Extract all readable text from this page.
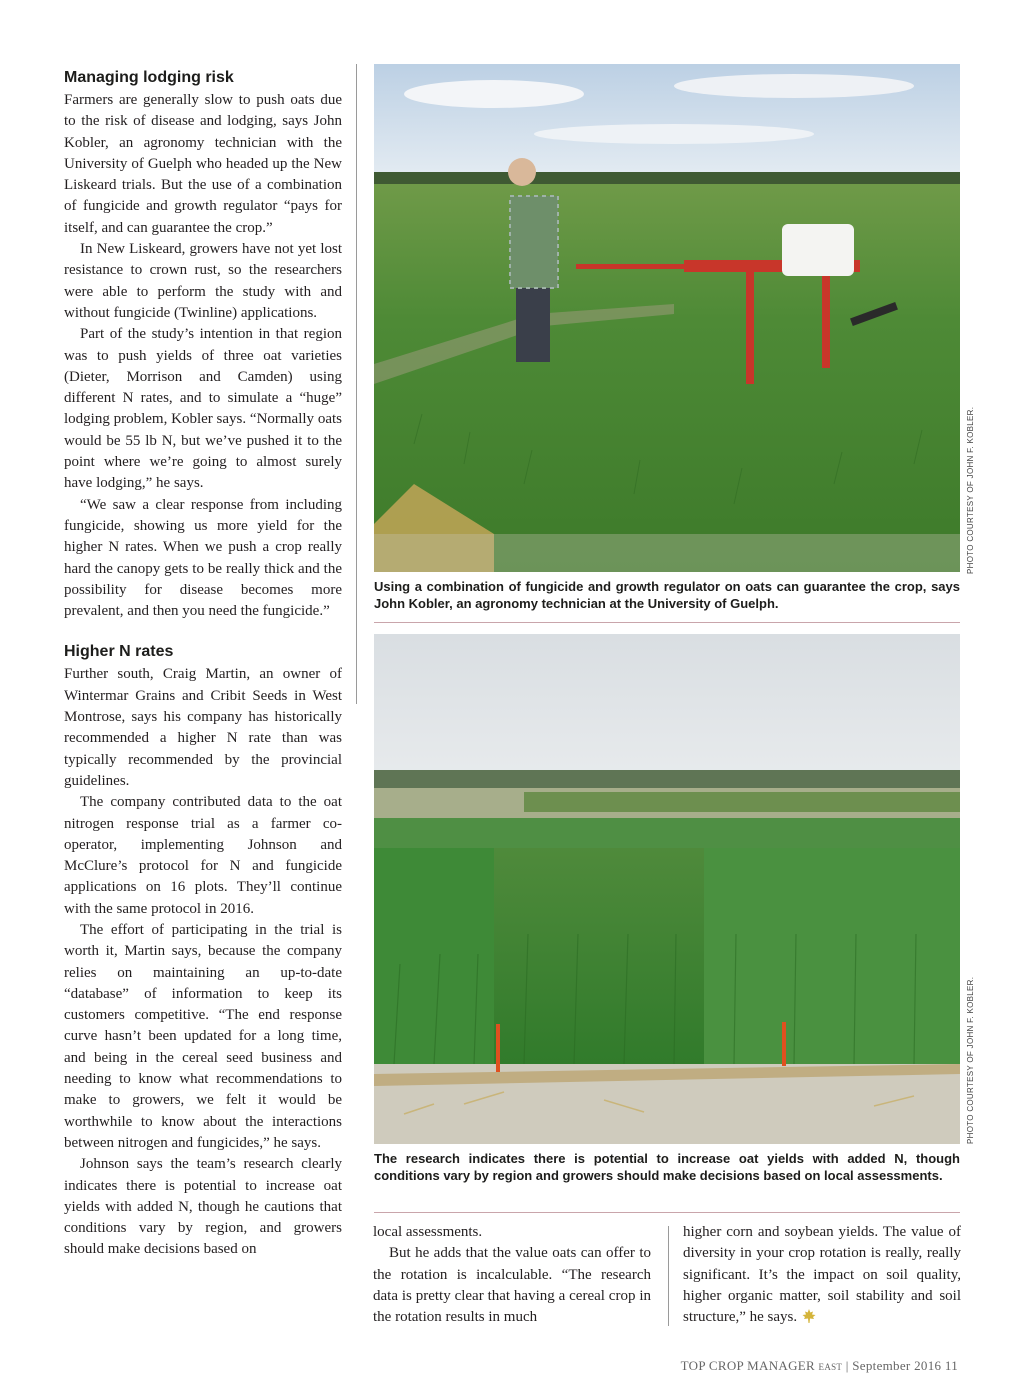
Managing lodging risk

Farmers are generally slow to push oats due to the risk of disease and lodging, says John Kobler, an agronomy technician with the University of Guelph who headed up the New Liskeard trials. But the use of a combination of fungicide and growth regulator “pays for itself, and can guarantee the crop.”

In New Liskeard, growers have not yet lost resistance to crown rust, so the researchers were able to perform the study with and without fungicide (Twinline) applications.

Part of the study’s intention in that region was to push yields of three oat varieties (Dieter, Morrison and Camden) using different N rates, and to simulate a “huge” lodging problem, Kobler says. “Normally oats would be 55 lb N, but we’ve pushed it to the point where we’re going to almost surely have lodging,” he says.

“We saw a clear response from including fungicide, showing us more yield for the higher N rates. When we push a crop really hard the canopy gets to be really thick and the possibility for disease becomes more prevalent, and then you need the fungicide.”

Higher N rates

Further south, Craig Martin, an owner of Wintermar Grains and Cribit Seeds in West Montrose, says his company has historically recommended a higher N rate than was typically recommended by the provincial guidelines.

The company contributed data to the oat nitrogen response trial as a farmer co-operator, implementing Johnson and McClure’s protocol for N and fungicide applications on 16 plots. They’ll continue with the same protocol in 2016.

The effort of participating in the trial is worth it, Martin says, because the company relies on maintaining an up-to-date “database” of information to keep its customers competitive. “The end response curve hasn’t been updated for a long time, and being in the cereal seed business and needing to know what recommendations to make to growers, we felt it would be worthwhile to know about the interactions between nitrogen and fungicides,” he says.

Johnson says the team’s research clearly indicates there is potential to increase oat yields with added N, though he cautions that conditions vary by region, and growers should make decisions based on

PHOTO COURTESY OF JOHN F. KOBLER.
Using a combination of fungicide and growth regulator on oats can guarantee the crop, says John Kobler, an agronomy technician at the University of Guelph.
PHOTO COURTESY OF JOHN F. KOBLER.
The research indicates there is potential to increase oat yields with added N, though conditions vary by region and growers should make decisions based on local assessments.

local assessments.

But he adds that the value oats can offer to the rotation is incalculable. “The research data is pretty clear that having a cereal crop in the rotation results in much

higher corn and soybean yields. The value of diversity in your crop rotation is really, really significant. It’s the impact on soil quality, higher organic matter, soil stability and soil structure,” he says.

TOP CROP MANAGER EAST | September 2016 11
